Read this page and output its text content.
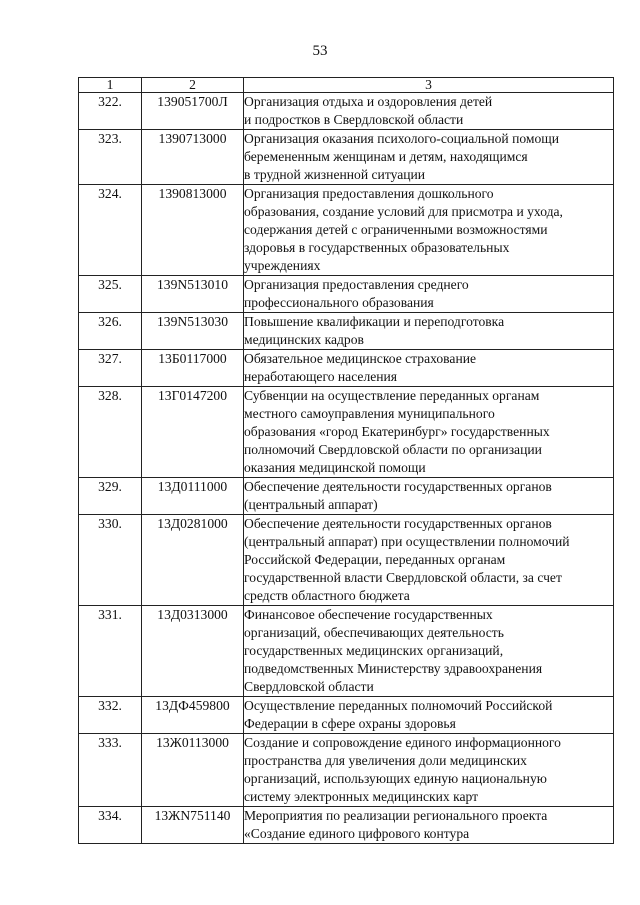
53
1	2	3
322.	139051700Л	Организация отдыха и оздоровления детей
и подростков в Свердловской области
323.	1390713000	Организация оказания психолого-социальной помощи
беремененным женщинам и детям, находящимся
в трудной жизненной ситуации
324.	1390813000	Организация предоставления дошкольного
образования, создание условий для присмотра и ухода,
содержания детей с ограниченными возможностями
здоровья в государственных образовательных
учреждениях
325.	139N513010	Организация предоставления среднего
профессионального образования
326.	139N513030	Повышение квалификации и переподготовка
медицинских кадров
327.	13Б0117000	Обязательное медицинское страхование
неработающего населения
328.	13Г0147200	Субвенции на осуществление переданных органам
местного самоуправления муниципального
образования «город Екатеринбург» государственных
полномочий Свердловской области по организации
оказания медицинской помощи
329.	13Д0111000	Обеспечение деятельности государственных органов
(центральный аппарат)
330.	13Д0281000	Обеспечение деятельности государственных органов
(центральный аппарат) при осуществлении полномочий
Российской Федерации, переданных органам
государственной власти Свердловской области, за счет
средств областного бюджета
331.	13Д0313000	Финансовое обеспечение государственных
организаций, обеспечивающих деятельность
государственных медицинских организаций,
подведомственных Министерству здравоохранения
Свердловской области
332.	13ДФ459800	Осуществление переданных полномочий Российской
Федерации в сфере охраны здоровья
333.	13Ж0113000	Создание и сопровождение единого информационного
пространства для увеличения доли медицинских
организаций, использующих единую национальную
систему электронных медицинских карт
334.	13ЖN751140	Мероприятия по реализации регионального проекта
«Создание единого цифрового контура
